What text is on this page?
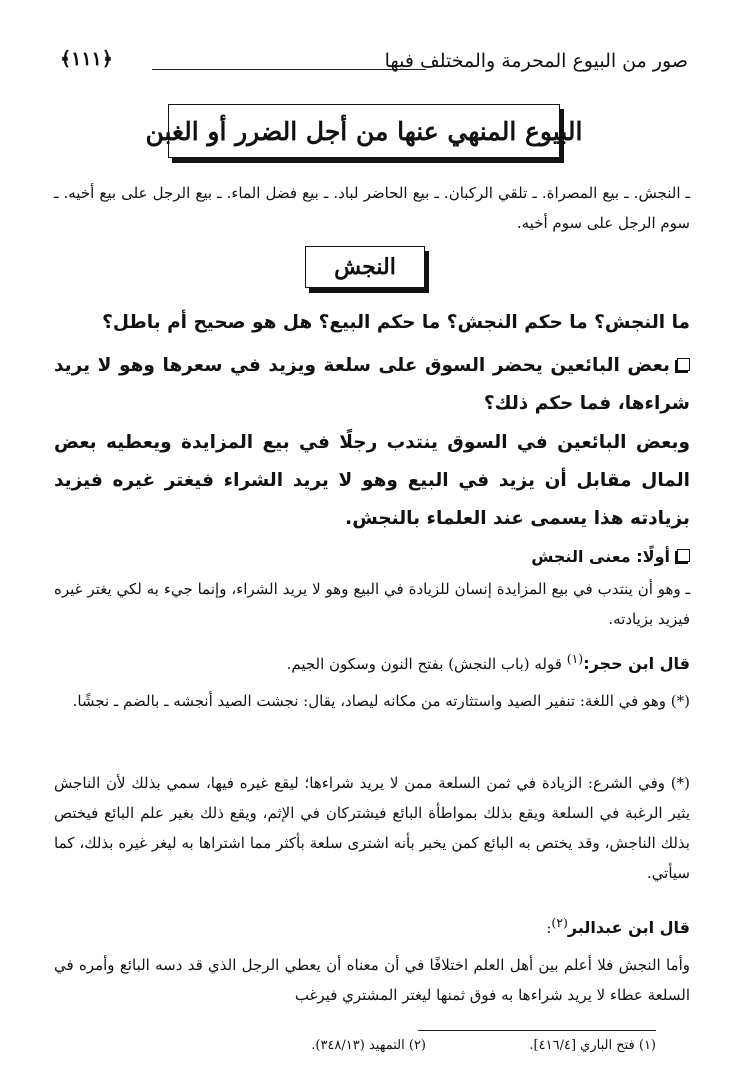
صور من البيوع المحرمة والمختلف فيها
﴿١١١﴾
البيوع المنهي عنها من أجل الضرر أو الغبن
ـ النجش. ـ بيع المصراة. ـ تلقي الركبان. ـ بيع الحاضر لباد. ـ بيع فضل الماء. ـ بيع الرجل على بيع أخيه. ـ سوم الرجل على سوم أخيه.
النجش
ما النجش؟ ما حكم النجش؟ ما حكم البيع؟ هل هو صحيح أم باطل؟
بعض البائعين يحضر السوق على سلعة ويزيد في سعرها وهو لا يريد شراءها، فما حكم ذلك؟
وبعض البائعين في السوق ينتدب رجلًا في بيع المزايدة ويعطيه بعض المال مقابل أن يزيد في البيع وهو لا يريد الشراء فيغتر غيره فيزيد بزيادته هذا يسمى عند العلماء بالنجش.
أولًا: معنى النجش
ـ وهو أن ينتدب في بيع المزايدة إنسان للزيادة في البيع وهو لا يريد الشراء، وإنما جيء به لكي يغتر غيره فيزيد بزيادته.
قال ابن حجر:$^{(١)}$ قوله (باب النجش) بفتح النون وسكون الجيم.
(*) وهو في اللغة: تنفير الصيد واستثارته من مكانه ليصاد، يقال: نجشت الصيد أنجشه ـ بالضم ـ نجشًا.
(*) وفي الشرع: الزيادة في ثمن السلعة ممن لا يريد شراءها؛ ليقع غيره فيها، سمي بذلك لأن الناجش يثير الرغبة في السلعة ويقع بذلك بمواطأة البائع فيشتركان في الإثم، ويقع ذلك بغير علم البائع فيختص بذلك الناجش، وقد يختص به البائع كمن يخبر بأنه اشترى سلعة بأكثر مما اشتراها به ليغر غيره بذلك، كما سيأتي.
قال ابن عبدالبر$^{(٢)}$:
وأما النجش فلا أعلم بين أهل العلم اختلافًا في أن معناه أن يعطي الرجل الذي قد دسه البائع وأمره في السلعة عطاء لا يريد شراءها به فوق ثمنها ليغتر المشتري فيرغب
(١) فتح الباري [٤١٦/٤].
(٢) التمهيد (٣٤٨/١٣).
